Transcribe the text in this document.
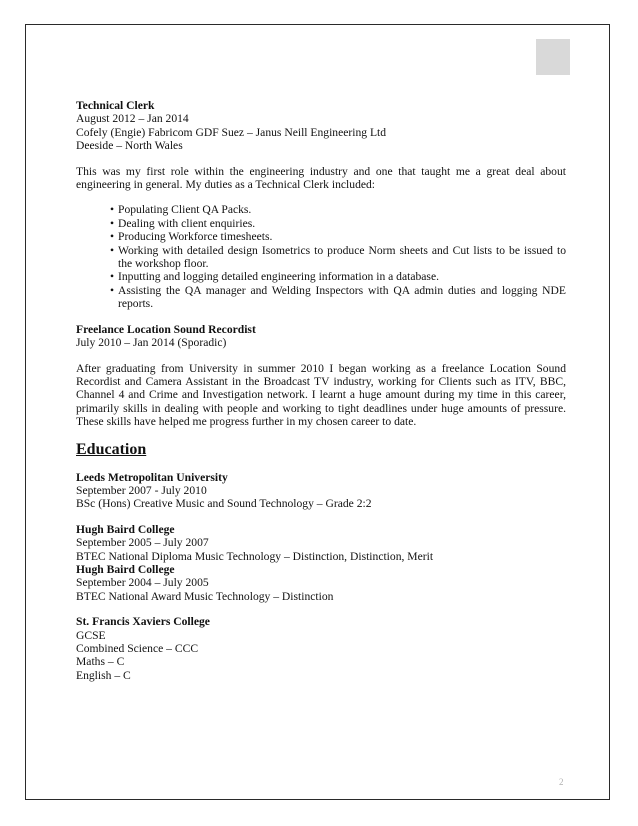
Technical Clerk
August 2012 – Jan 2014
Cofely (Engie) Fabricom GDF Suez – Janus Neill Engineering Ltd
Deeside – North Wales

This was my first role within the engineering industry and one that taught me a great deal about engineering in general. My duties as a Technical Clerk included:

• Populating Client QA Packs.
• Dealing with client enquiries.
• Producing Workforce timesheets.
• Working with detailed design Isometrics to produce Norm sheets and Cut lists to be issued to the workshop floor.
• Inputting and logging detailed engineering information in a database.
• Assisting the QA manager and Welding Inspectors with QA admin duties and logging NDE reports.
Freelance Location Sound Recordist
July 2010 – Jan 2014 (Sporadic)

After graduating from University in summer 2010 I began working as a freelance Location Sound Recordist and Camera Assistant in the Broadcast TV industry, working for Clients such as ITV, BBC, Channel 4 and Crime and Investigation network. I learnt a huge amount during my time in this career, primarily skills in dealing with people and working to tight deadlines under huge amounts of pressure. These skills have helped me progress further in my chosen career to date.

Education
Leeds Metropolitan University
September 2007 - July 2010
BSc (Hons) Creative Music and Sound Technology – Grade 2:2
Hugh Baird College
September 2005 – July 2007
BTEC National Diploma Music Technology – Distinction, Distinction, Merit
Hugh Baird College
September 2004 – July 2005
BTEC National Award Music Technology – Distinction
St. Francis Xaviers College
GCSE
Combined Science – CCC
Maths – C
English – C
2
